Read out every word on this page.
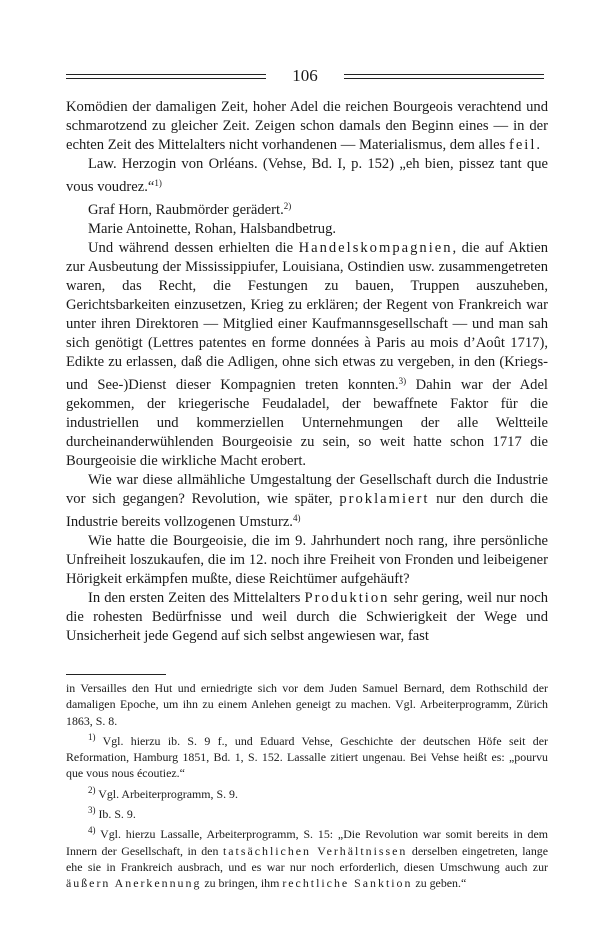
106

Komödien der damaligen Zeit, hoher Adel die reichen Bourgeois verachtend und schmarotzend zu gleicher Zeit. Zeigen schon damals den Beginn eines — in der echten Zeit des Mittelalters nicht vorhandenen — Materialismus, dem alles feil.

Law. Herzogin von Orléans. (Vehse, Bd. I, p. 152) „eh bien, pissez tant que vous voudrez.“$^{1)}$

Graf Horn, Raubmörder gerädert.$^{2)}$

Marie Antoinette, Rohan, Halsbandbetrug.

Und während dessen erhielten die Handelskompagnien, die auf Aktien zur Ausbeutung der Mississippiufer, Louisiana, Ostindien usw. zusammengetreten waren, das Recht, die Festungen zu bauen, Truppen auszuheben, Gerichtsbarkeiten einzusetzen, Krieg zu erklären; der Regent von Frankreich war unter ihren Direktoren — Mitglied einer Kaufmannsgesellschaft — und man sah sich genötigt (Lettres patentes en forme données à Paris au mois d’Août 1717), Edikte zu erlassen, daß die Adligen, ohne sich etwas zu vergeben, in den (Kriegs- und See-)Dienst dieser Kompagnien treten konnten.$^{3)}$ Dahin war der Adel gekommen, der kriegerische Feudaladel, der bewaffnete Faktor für die industriellen und kommerziellen Unternehmungen der alle Weltteile durcheinanderwühlenden Bourgeoisie zu sein, so weit hatte schon 1717 die Bourgeoisie die wirkliche Macht erobert.

Wie war diese allmähliche Umgestaltung der Gesellschaft durch die Industrie vor sich gegangen? Revolution, wie später, proklamiert nur den durch die Industrie bereits vollzogenen Umsturz.$^{4)}$

Wie hatte die Bourgeoisie, die im 9. Jahrhundert noch rang, ihre persönliche Unfreiheit loszukaufen, die im 12. noch ihre Freiheit von Fronden und leibeigener Hörigkeit erkämpfen mußte, diese Reichtümer aufgehäuft?

In den ersten Zeiten des Mittelalters Produktion sehr gering, weil nur noch die rohesten Bedürfnisse und weil durch die Schwierigkeit der Wege und Unsicherheit jede Gegend auf sich selbst angewiesen war, fast

in Versailles den Hut und erniedrigte sich vor dem Juden Samuel Bernard, dem Rothschild der damaligen Epoche, um ihn zu einem Anlehen geneigt zu machen. Vgl. Arbeiterprogramm, Zürich 1863, S. 8.

$^{1)}$ Vgl. hierzu ib. S. 9 f., und Eduard Vehse, Geschichte der deutschen Höfe seit der Reformation, Hamburg 1851, Bd. 1, S. 152. Lassalle zitiert ungenau. Bei Vehse heißt es: „pourvu que vous nous écoutiez.“

$^{2)}$ Vgl. Arbeiterprogramm, S. 9.

$^{3)}$ Ib. S. 9.

$^{4)}$ Vgl. hierzu Lassalle, Arbeiterprogramm, S. 15: „Die Revolution war somit bereits in dem Innern der Gesellschaft, in den tatsächlichen Verhältnissen derselben eingetreten, lange ehe sie in Frankreich ausbrach, und es war nur noch erforderlich, diesen Umschwung auch zur äußern Anerkennung zu bringen, ihm rechtliche Sanktion zu geben.“
